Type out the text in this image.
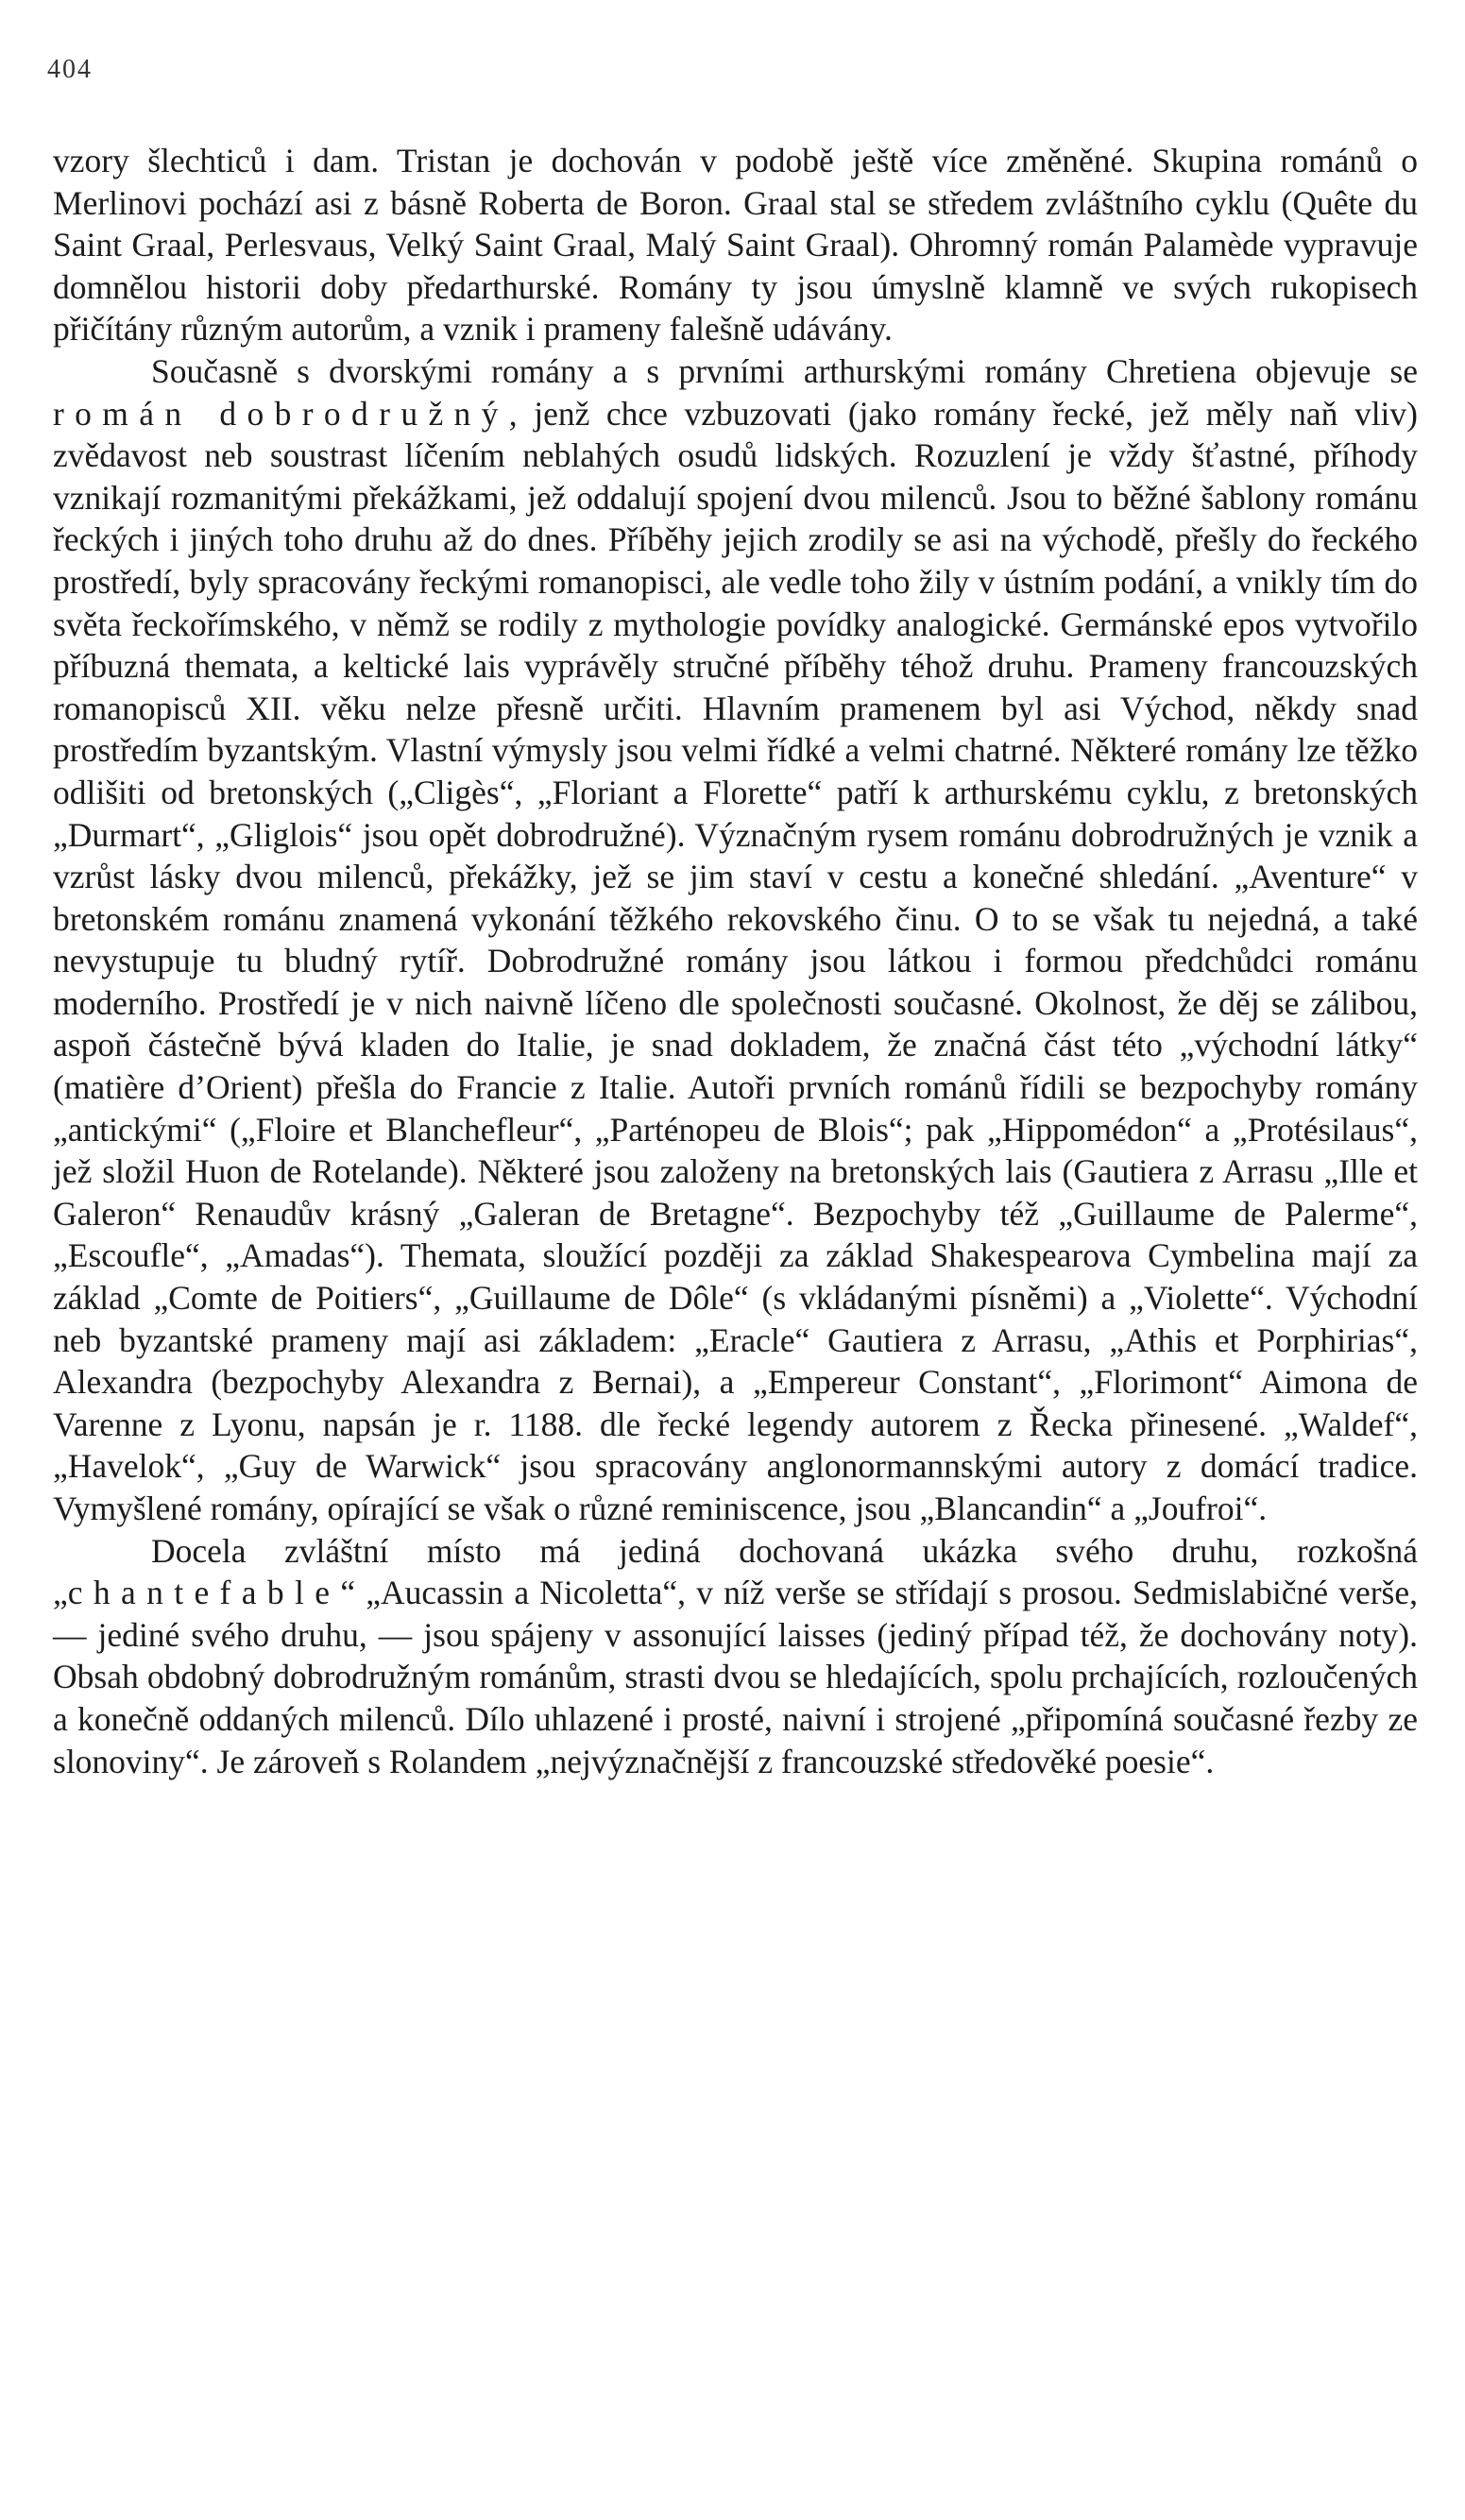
404

vzory šlechticů i dam. Tristan je dochován v podobě ještě více změněné. Skupina románů o Merlinovi pochází asi z básně Roberta de Boron. Graal stal se středem zvláštního cyklu (Quête du Saint Graal, Perlesvaus, Velký Saint Graal, Malý Saint Graal). Ohromný román Palamède vypravuje domnělou historii doby předarthurské. Romány ty jsou úmyslně klamně ve svých rukopisech přičítány různým autorům, a vznik i prameny falešně udávány.

Současně s dvorskými romány a s prvními arthurskými romány Chretiena objevuje se román dobrodružný, jenž chce vzbuzovati (jako romány řecké, jež měly naň vliv) zvědavost neb soustrast líčením neblahých osudů lidských. Rozuzlení je vždy šťastné, příhody vznikají rozmanitými překážkami, jež oddalují spojení dvou milenců. Jsou to běžné šablony románu řeckých i jiných toho druhu až do dnes. Příběhy jejich zrodily se asi na východě, přešly do řeckého prostředí, byly spracovány řeckými romanopisci, ale vedle toho žily v ústním podání, a vnikly tím do světa řeckořímského, v němž se rodily z mythologie povídky analogické. Germánské epos vytvořilo příbuzná themata, a keltické lais vyprávěly stručné příběhy téhož druhu. Prameny francouzských romanopisců XII. věku nelze přesně určiti. Hlavním pramenem byl asi Východ, někdy snad prostředím byzantským. Vlastní výmysly jsou velmi řídké a velmi chatrné. Některé romány lze těžko odlišiti od bretonských („Cligès“, „Floriant a Florette“ patří k arthurskému cyklu, z bretonských „Durmart“, „Gliglois“ jsou opět dobrodružné). Význačným rysem románu dobrodružných je vznik a vzrůst lásky dvou milenců, překážky, jež se jim staví v cestu a konečné shledání. „Aventure“ v bretonském románu znamená vykonání těžkého rekovského činu. O to se však tu nejedná, a také nevystupuje tu bludný rytíř. Dobrodružné romány jsou látkou i formou předchůdci románu moderního. Prostředí je v nich naivně líčeno dle společnosti současné. Okolnost, že děj se zálibou, aspoň částečně bývá kladen do Italie, je snad dokladem, že značná část této „východní látky“ (matière d’Orient) přešla do Francie z Italie. Autoři prvních románů řídili se bezpochyby romány „antickými“ („Floire et Blanchefleur“, „Parténopeu de Blois“; pak „Hippomédon“ a „Protésilaus“, jež složil Huon de Rotelande). Některé jsou založeny na bretonských lais (Gautiera z Arrasu „Ille et Galeron“ Renaudův krásný „Galeran de Bretagne“. Bezpochyby též „Guillaume de Palerme“, „Escoufle“, „Amadas“). Themata, sloužící později za základ Shakespearova Cymbelina mají za základ „Comte de Poitiers“, „Guillaume de Dôle“ (s vkládanými písněmi) a „Violette“. Východní neb byzantské prameny mají asi základem: „Eracle“ Gautiera z Arrasu, „Athis et Porphirias“, Alexandra (bezpochyby Alexandra z Bernai), a „Empereur Constant“, „Florimont“ Aimona de Varenne z Lyonu, napsán je r. 1188. dle řecké legendy autorem z Řecka přinesené. „Waldef“, „Havelok“, „Guy de Warwick“ jsou spracovány anglonormannskými autory z domácí tradice. Vymyšlené romány, opírající se však o různé reminiscence, jsou „Blancandin“ a „Joufroi“.

Docela zvláštní místo má jediná dochovaná ukázka svého druhu, rozkošná „chantefable“ „Aucassin a Nicoletta“, v níž verše se střídají s prosou. Sedmislabičné verše, — jediné svého druhu, — jsou spájeny v assonující laisses (jediný případ též, že dochovány noty). Obsah obdobný dobrodružným románům, strasti dvou se hledajících, spolu prchajících, rozloučených a konečně oddaných milenců. Dílo uhlazené i prosté, naivní i strojené „připomíná současné řezby ze slonoviny“. Je zároveň s Rolandem „nejvýznačnější z francouzské středověké poesie“.
